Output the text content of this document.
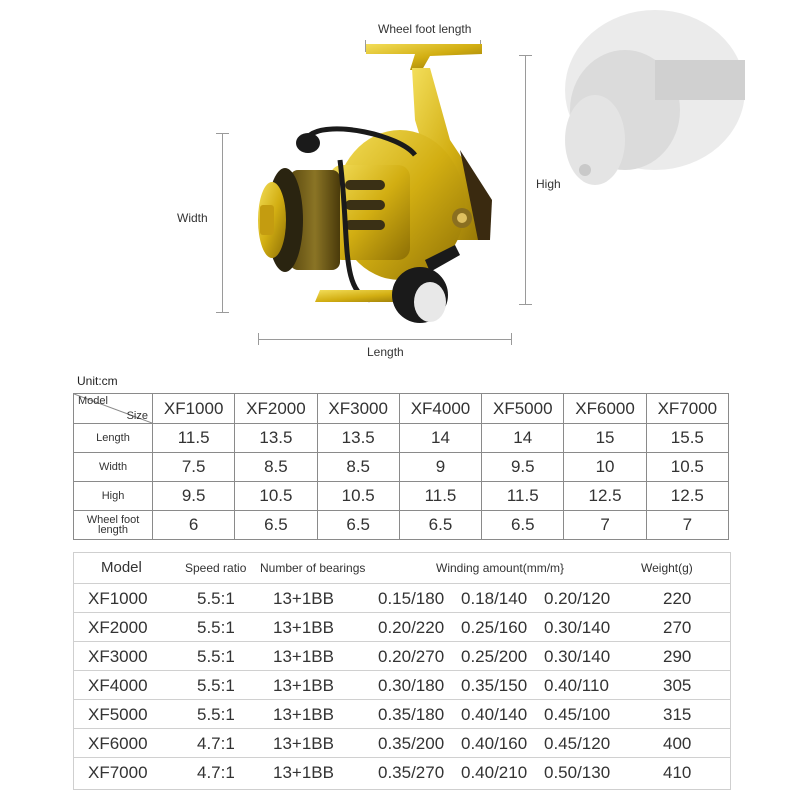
Wheel foot length
Width
High
Length
Unit:cm
Model
Size	XF1000	XF2000	XF3000	XF4000	XF5000	XF6000	XF7000
Length	11.5	13.5	13.5	14	14	15	15.5
Width	7.5	8.5	8.5	9	9.5	10	10.5
High	9.5	10.5	10.5	11.5	11.5	12.5	12.5
Wheel foot
length	6	6.5	6.5	6.5	6.5	7	7
Model	Speed ratio Number of bearings	Winding amount(mm/m}	Weight(g)
XF1000	5.5:1 13+1BB	0.15/180 0.18/140 0.20/120	220
XF2000	5.5:1 13+1BB	0.20/220 0.25/160 0.30/140	270
XF3000	5.5:1 13+1BB	0.20/270 0.25/200 0.30/140	290
XF4000	5.5:1 13+1BB	0.30/180 0.35/150 0.40/110	305
XF5000	5.5:1 13+1BB	0.35/180 0.40/140 0.45/100	315
XF6000	4.7:1 13+1BB	0.35/200 0.40/160 0.45/120	400
XF7000	4.7:1 13+1BB	0.35/270 0.40/210 0.50/130	410
